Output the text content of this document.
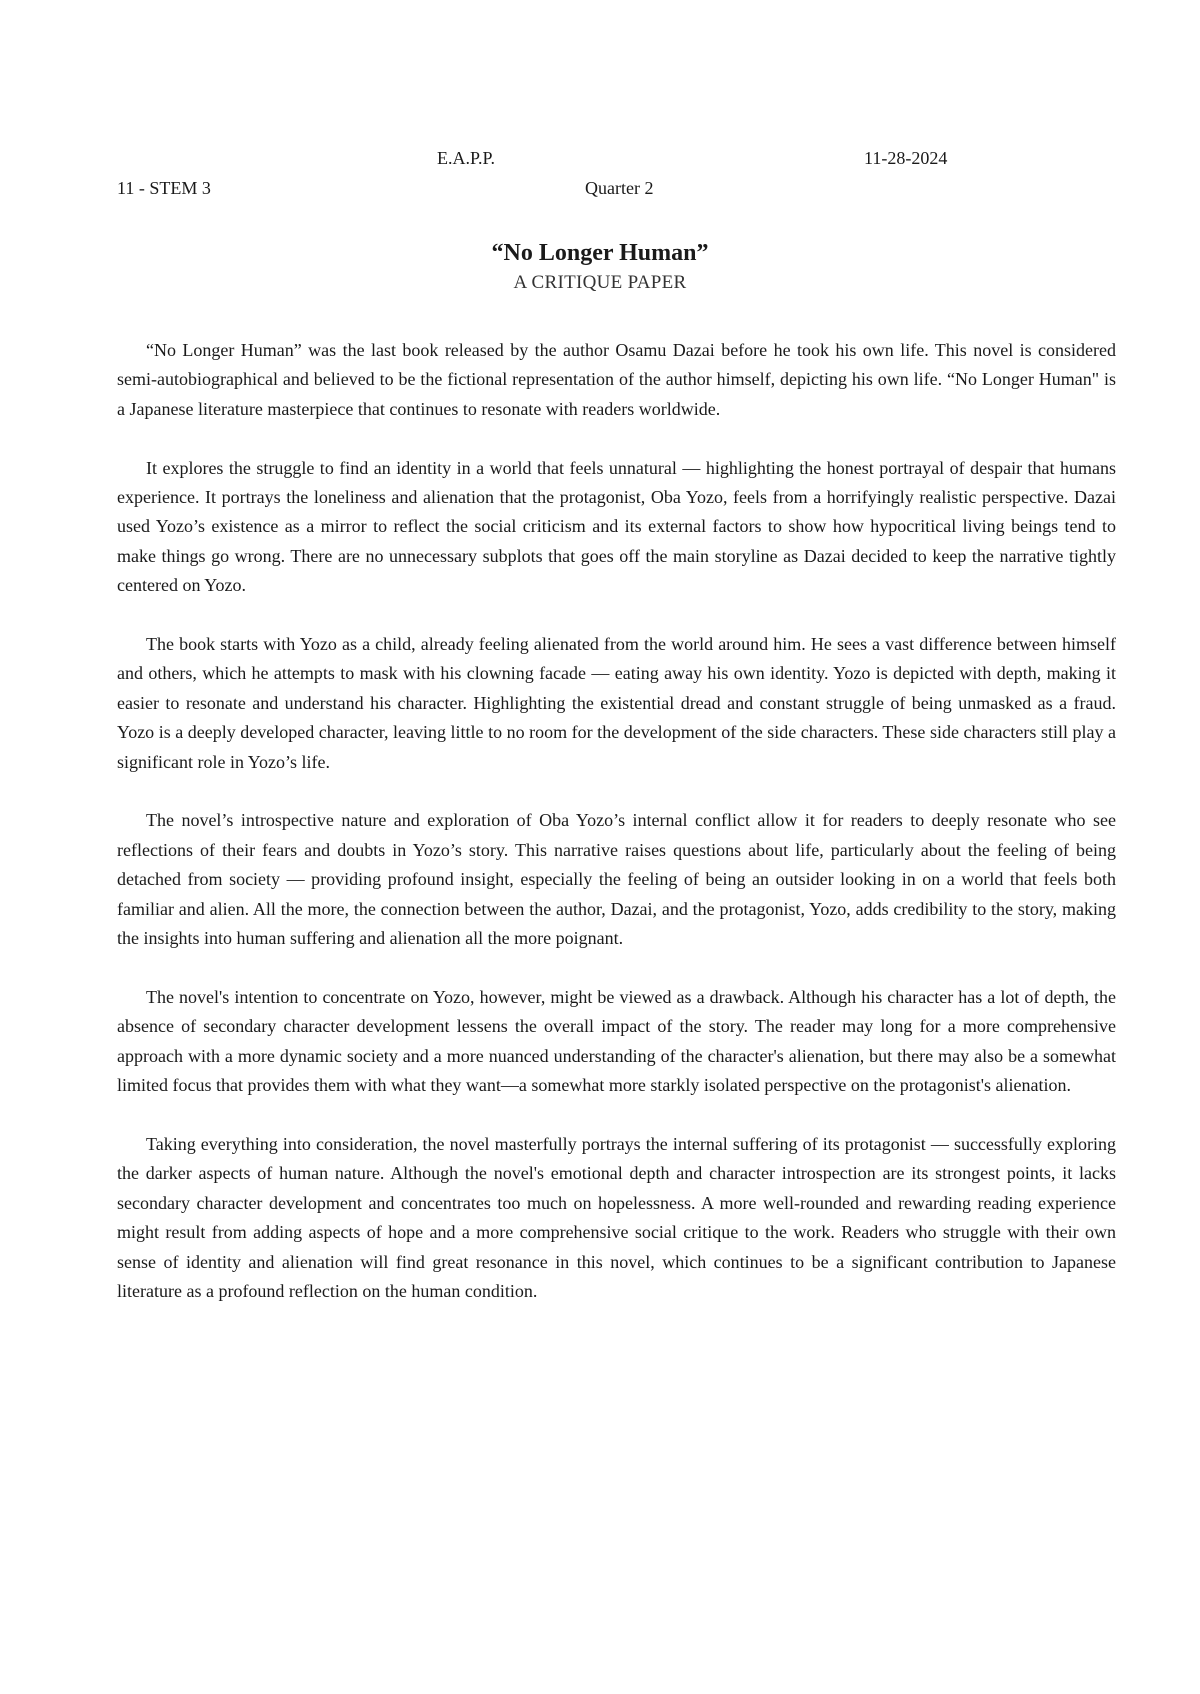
E.A.P.P.	11-28-2024
11 - STEM 3	Quarter 2
“No Longer Human”

A CRITIQUE PAPER

“No Longer Human” was the last book released by the author Osamu Dazai before he took his own life. This novel is considered semi-autobiographical and believed to be the fictional representation of the author himself, depicting his own life. “No Longer Human" is a Japanese literature masterpiece that continues to resonate with readers worldwide.

It explores the struggle to find an identity in a world that feels unnatural — highlighting the honest portrayal of despair that humans experience. It portrays the loneliness and alienation that the protagonist, Oba Yozo, feels from a horrifyingly realistic perspective. Dazai used Yozo’s existence as a mirror to reflect the social criticism and its external factors to show how hypocritical living beings tend to make things go wrong. There are no unnecessary subplots that goes off the main storyline as Dazai decided to keep the narrative tightly centered on Yozo.

The book starts with Yozo as a child, already feeling alienated from the world around him. He sees a vast difference between himself and others, which he attempts to mask with his clowning facade — eating away his own identity. Yozo is depicted with depth, making it easier to resonate and understand his character. Highlighting the existential dread and constant struggle of being unmasked as a fraud. Yozo is a deeply developed character, leaving little to no room for the development of the side characters. These side characters still play a significant role in Yozo’s life.

The novel’s introspective nature and exploration of Oba Yozo’s internal conflict allow it for readers to deeply resonate who see reflections of their fears and doubts in Yozo’s story. This narrative raises questions about life, particularly about the feeling of being detached from society — providing profound insight, especially the feeling of being an outsider looking in on a world that feels both familiar and alien. All the more, the connection between the author, Dazai, and the protagonist, Yozo, adds credibility to the story, making the insights into human suffering and alienation all the more poignant.

The novel's intention to concentrate on Yozo, however, might be viewed as a drawback. Although his character has a lot of depth, the absence of secondary character development lessens the overall impact of the story. The reader may long for a more comprehensive approach with a more dynamic society and a more nuanced understanding of the character's alienation, but there may also be a somewhat limited focus that provides them with what they want—a somewhat more starkly isolated perspective on the protagonist's alienation.

Taking everything into consideration, the novel masterfully portrays the internal suffering of its protagonist — successfully exploring the darker aspects of human nature. Although the novel's emotional depth and character introspection are its strongest points, it lacks secondary character development and concentrates too much on hopelessness. A more well-rounded and rewarding reading experience might result from adding aspects of hope and a more comprehensive social critique to the work. Readers who struggle with their own sense of identity and alienation will find great resonance in this novel, which continues to be a significant contribution to Japanese literature as a profound reflection on the human condition.
